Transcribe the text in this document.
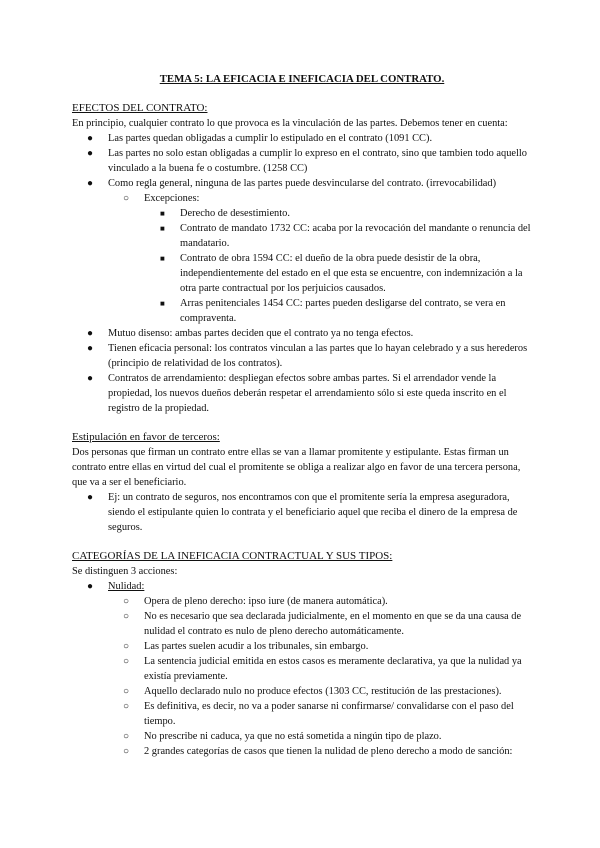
TEMA 5: LA EFICACIA E INEFICACIA DEL CONTRATO.

EFECTOS DEL CONTRATO:

En principio, cualquier contrato lo que provoca es la vinculación de las partes. Debemos tener en cuenta:

● Las partes quedan obligadas a cumplir lo estipulado en el contrato (1091 CC).
● Las partes no solo estan obligadas a cumplir lo expreso en el contrato, sino que tambien todo aquello vinculado a la buena fe o costumbre. (1258 CC)
● Como regla general, ninguna de las partes puede desvincularse del contrato. (irrevocabilidad)
○ Excepciones:
■ Derecho de desestimiento.
■ Contrato de mandato 1732 CC: acaba por la revocación del mandante o renuncia del mandatario.
■ Contrato de obra 1594 CC: el dueño de la obra puede desistir de la obra, independientemente del estado en el que esta se encuentre, con indemnización a la otra parte contractual por los perjuicios causados.
■ Arras penitenciales 1454 CC: partes pueden desligarse del contrato, se vera en compraventa.
● Mutuo disenso: ambas partes deciden que el contrato ya no tenga efectos.
● Tienen eficacia personal: los contratos vinculan a las partes que lo hayan celebrado y a sus herederos (principio de relatividad de los contratos).
● Contratos de arrendamiento: despliegan efectos sobre ambas partes. Si el arrendador vende la propiedad, los nuevos dueños deberán respetar el arrendamiento sólo si este queda inscrito en el registro de la propiedad.

Estipulación en favor de terceros:

Dos personas que firman un contrato entre ellas se van a llamar promitente y estipulante. Estas firman un contrato entre ellas en virtud del cual el promitente se obliga a realizar algo en favor de una tercera persona, que va a ser el beneficiario.

● Ej: un contrato de seguros, nos encontramos con que el promitente sería la empresa aseguradora, siendo el estipulante quien lo contrata y el beneficiario aquel que reciba el dinero de la empresa de seguros.

CATEGORÍAS DE LA INEFICACIA CONTRACTUAL Y SUS TIPOS:

Se distinguen 3 acciones:

● Nulidad:
○ Opera de pleno derecho: ipso iure (de manera automática).
○ No es necesario que sea declarada judicialmente, en el momento en que se da una causa de nulidad el contrato es nulo de pleno derecho automáticamente.
○ Las partes suelen acudir a los tribunales, sin embargo.
○ La sentencia judicial emitida en estos casos es meramente declarativa, ya que la nulidad ya existía previamente.
○ Aquello declarado nulo no produce efectos (1303 CC, restitución de las prestaciones).
○ Es definitiva, es decir, no va a poder sanarse ni confirmarse/ convalidarse con el paso del tiempo.
○ No prescribe ni caduca, ya que no está sometida a ningún tipo de plazo.
○ 2 grandes categorías de casos que tienen la nulidad de pleno derecho a modo de sanción:
